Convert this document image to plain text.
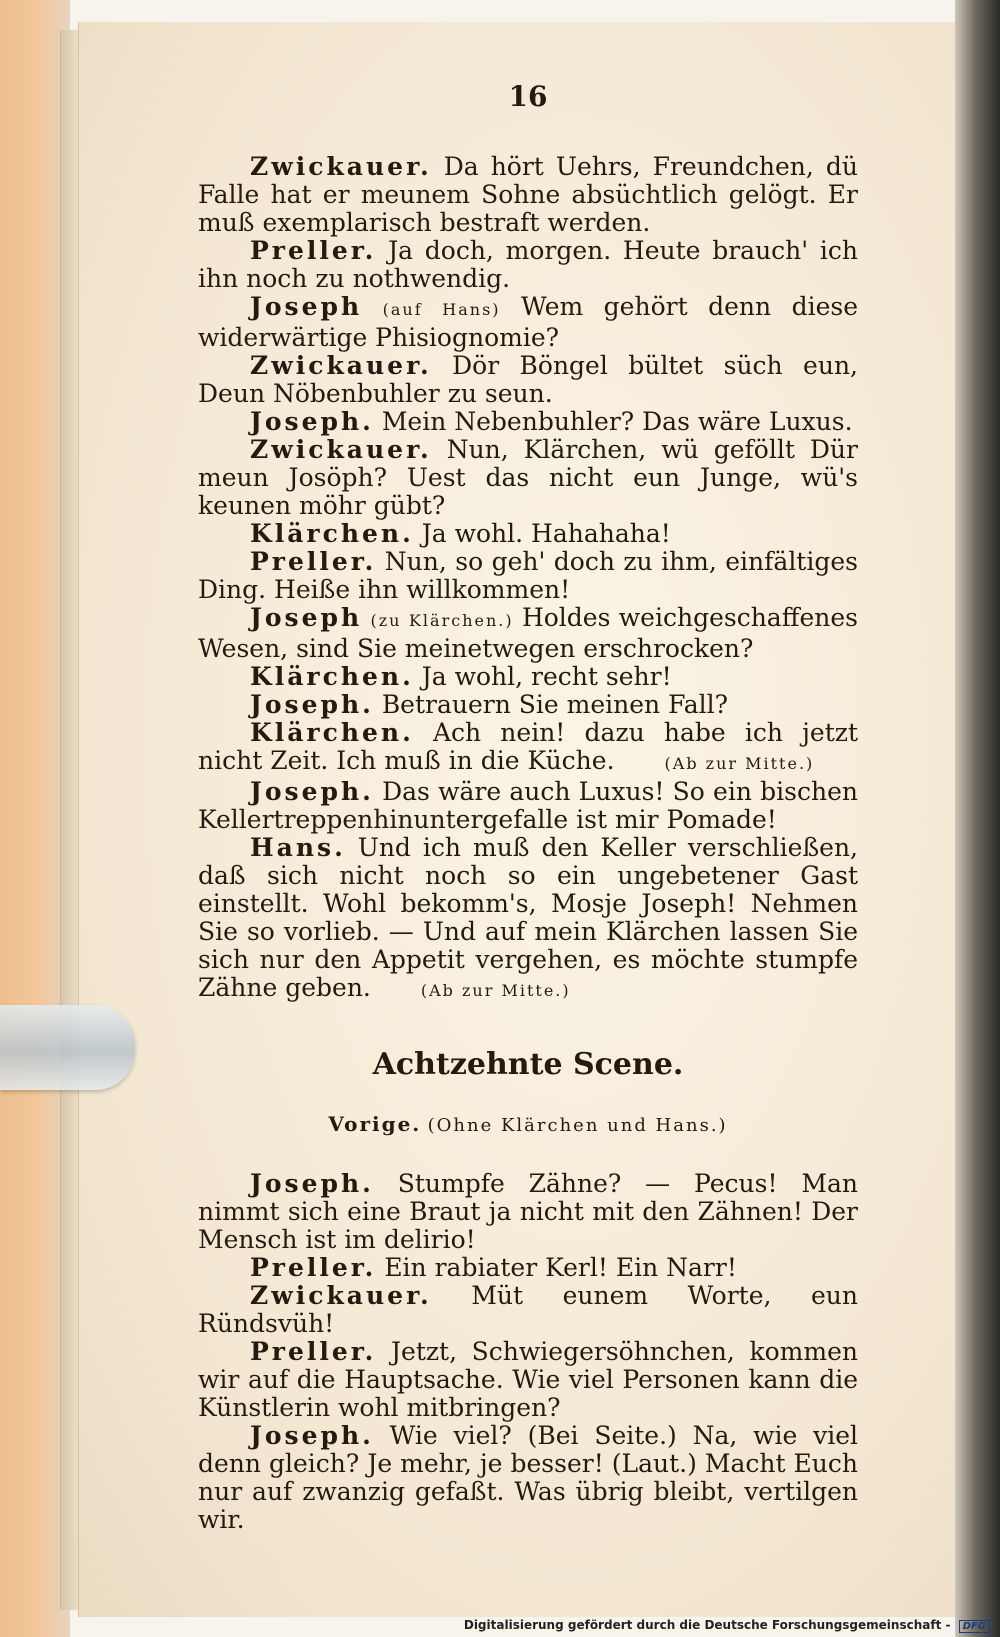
16

Zwickauer. Da hört Uehrs, Freundchen, dü Falle hat er meunem Sohne absüchtlich gelögt. Er muß exemplarisch bestraft werden.

Preller. Ja doch, morgen. Heute brauch' ich ihn noch zu nothwendig.

Joseph (auf Hans) Wem gehört denn diese widerwärtige Phisiognomie?

Zwickauer. Dör Böngel bültet süch eun, Deun Nöbenbuhler zu seun.

Joseph. Mein Nebenbuhler? Das wäre Luxus.

Zwickauer. Nun, Klärchen, wü geföllt Dür meun Josöph? Uest das nicht eun Junge, wü's keunen möhr gübt?

Klärchen. Ja wohl. Hahahaha!

Preller. Nun, so geh' doch zu ihm, einfältiges Ding. Heiße ihn willkommen!

Joseph (zu Klärchen.) Holdes weichgeschaffenes Wesen, sind Sie meinetwegen erschrocken?

Klärchen. Ja wohl, recht sehr!

Joseph. Betrauern Sie meinen Fall?

Klärchen. Ach nein! dazu habe ich jetzt nicht Zeit. Ich muß in die Küche.  	(Ab zur Mitte.)

Joseph. Das wäre auch Luxus! So ein bischen Kellertreppenhinuntergefalle ist mir Pomade!

Hans. Und ich muß den Keller verschließen, daß sich nicht noch so ein ungebetener Gast einstellt. Wohl bekomm's, Mosje Joseph! Nehmen Sie so vorlieb. — Und auf mein Klärchen lassen Sie sich nur den Appetit vergehen, es möchte stumpfe Zähne geben.  	(Ab zur Mitte.)

Achtzehnte Scene.
Vorige. (Ohne Klärchen und Hans.)

Joseph. Stumpfe Zähne? — Pecus! Man nimmt sich eine Braut ja nicht mit den Zähnen! Der Mensch ist im delirio!

Preller. Ein rabiater Kerl! Ein Narr!

Zwickauer. Müt eunem Worte, eun Ründsvüh!

Preller. Jetzt, Schwiegersöhnchen, kommen wir auf die Hauptsache. Wie viel Personen kann die Künstlerin wohl mitbringen?

Joseph. Wie viel? (Bei Seite.) Na, wie viel denn gleich? Je mehr, je besser! (Laut.) Macht Euch nur auf zwanzig gefaßt. Was übrig bleibt, vertilgen wir.

Digitalisierung gefördert durch die Deutsche Forschungsgemeinschaft - DFG
